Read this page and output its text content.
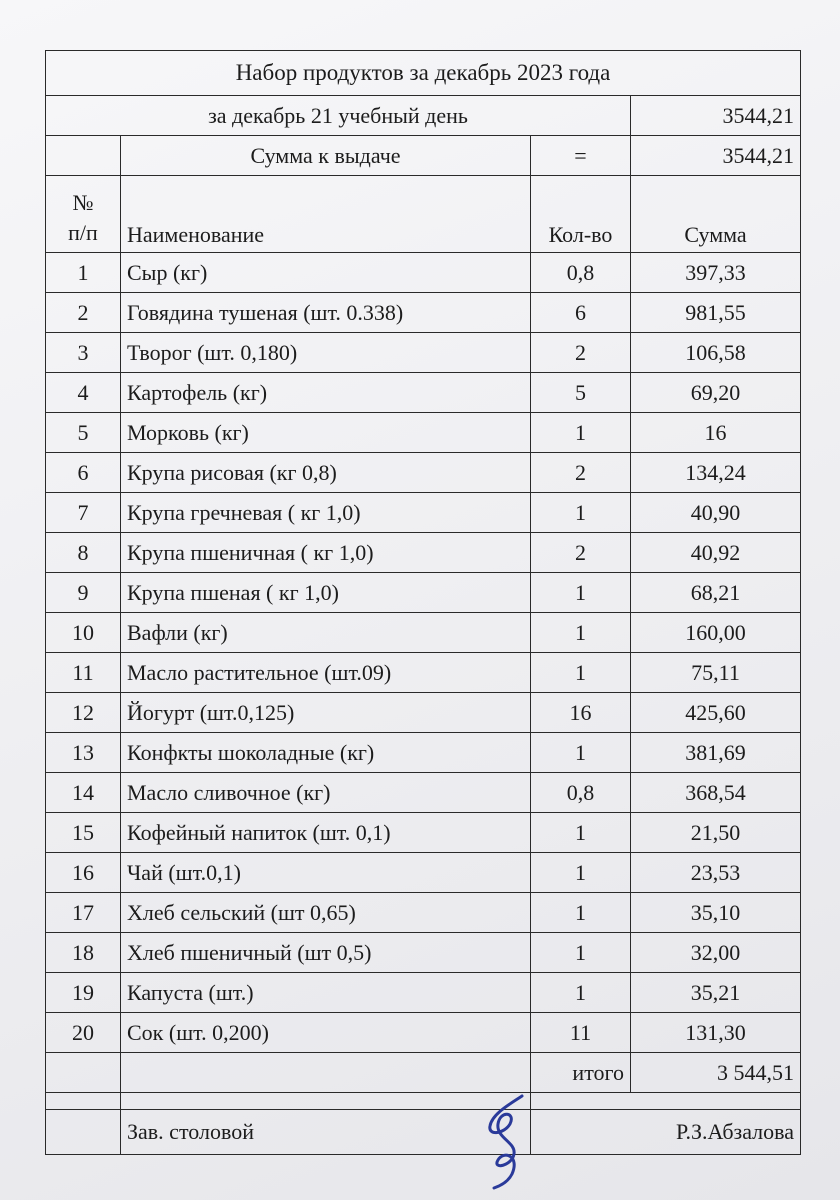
Набор продуктов за декабрь 2023 года			
за декабрь 21 учебный день			3544,21
	Сумма к выдаче	=	3544,21

№
п/п	Наименование	Кол-во	Сумма
1	Сыр (кг)	0,8	397,33
2	Говядина тушеная (шт. 0.338)	6	981,55
3	Творог (шт. 0,180)	2	106,58
4	Картофель (кг)	5	69,20
5	Морковь (кг)	1	16
6	Крупа рисовая (кг 0,8)	2	134,24
7	Крупа гречневая ( кг 1,0)	1	40,90
8	Крупа пшеничная ( кг 1,0)	2	40,92
9	Крупа пшеная ( кг 1,0)	1	68,21
10	Вафли (кг)	1	160,00
11	Масло растительное (шт.09)	1	75,11
12	Йогурт (шт.0,125)	16	425,60
13	Конфкты шоколадные (кг)	1	381,69
14	Масло сливочное (кг)	0,8	368,54
15	Кофейный напиток (шт. 0,1)	1	21,50
16	Чай (шт.0,1)	1	23,53
17	Хлеб сельский (шт 0,65)	1	35,10
18	Хлеб пшеничный (шт 0,5)	1	32,00
19	Капуста (шт.)	1	35,21
20	Сок (шт. 0,200)	11	131,30
		итого	3 544,51

	Зав. столовой	Р.З.Абзалова	
